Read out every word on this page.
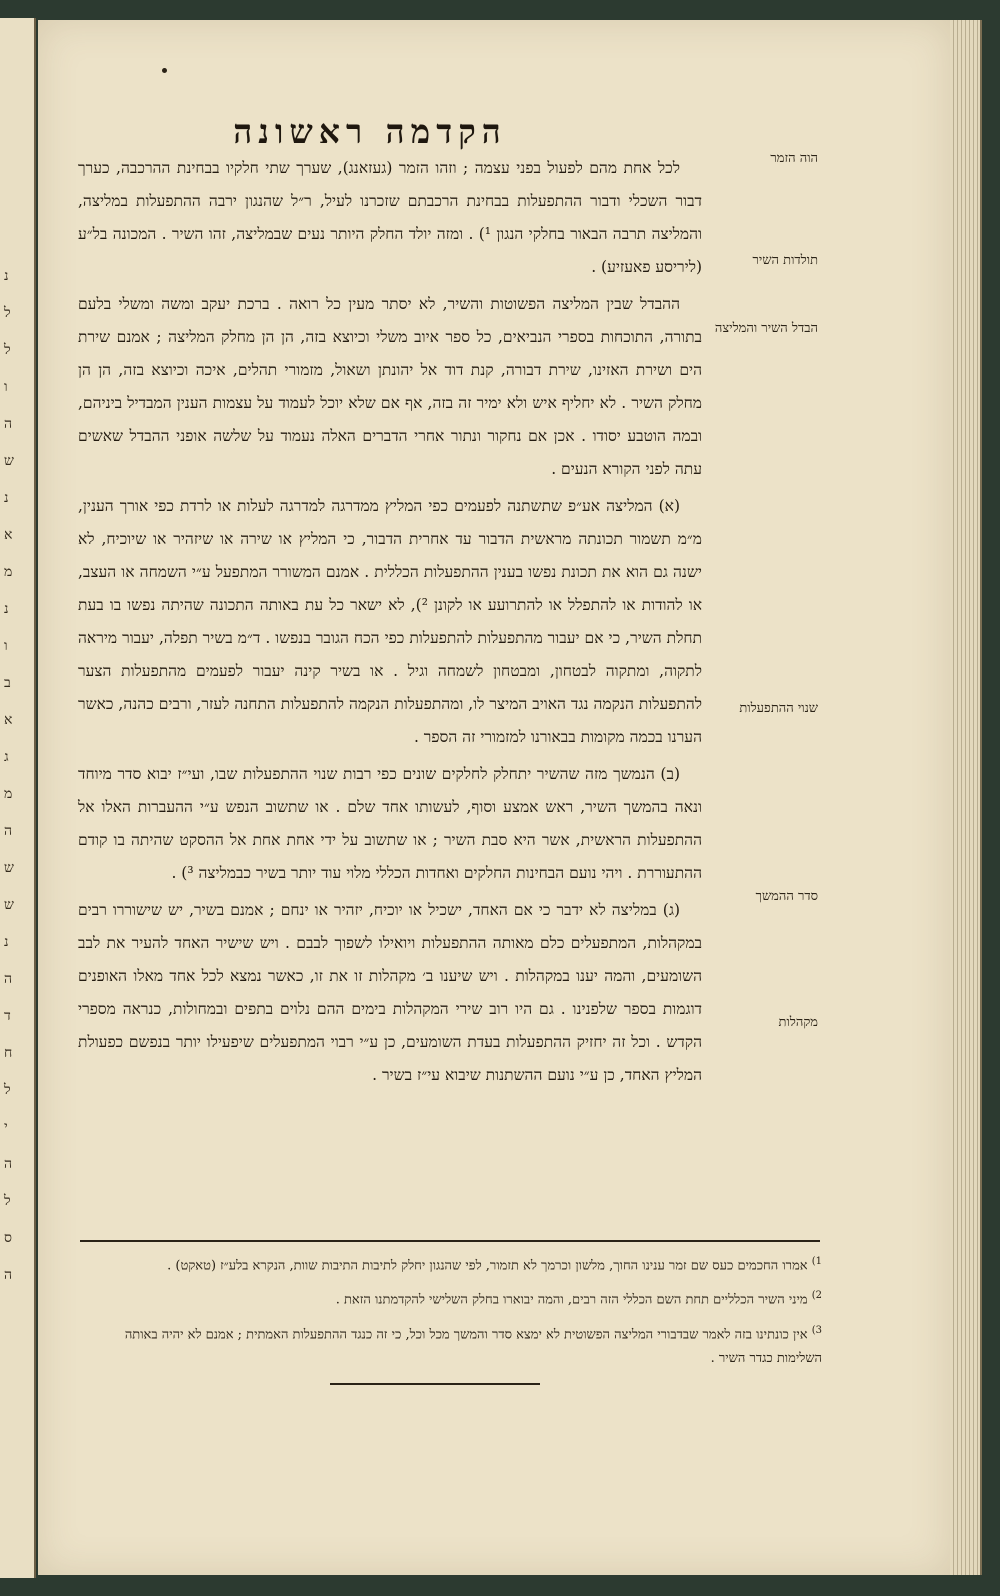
נ
ל
ל
ו
ה
ש
נ
א
מ
נ
ו
ב
א
ג
מ
ה
ש
ש
נ
ה
ד
ח
ל
י
ה
ל
ס
ה
הקדמה ראשונה
הוה הזמר
תולדות השיר
הבדל השיר והמליצה
שנוי ההתפעלות
סדר ההמשך
מקהלות

לכל אחת מהם לפעול בפני עצמה ; וזהו הזמר (געזאנג), שערך שתי חלקיו בבחינת ההרכבה, כערך דבור השכלי ודבור ההתפעלות בבחינת הרכבתם שזכרנו לעיל, ר״ל שהנגון ירבה ההתפעלות במליצה, והמליצה תרבה הבאור בחלקי הנגון ¹) . ומזה יולד החלק היותר נעים שבמליצה, זהו השיר . המכונה בל״ע (ליריסע פאעזיע) .

ההבדל שבין המליצה הפשוטות והשיר, לא יסתר מעין כל רואה . ברכת יעקב ומשה ומשלי בלעם בתורה, התוכחות בספרי הנביאים, כל ספר איוב משלי וכיוצא בזה, הן הן מחלק המליצה ; אמנם שירת הים ושירת האזינו, שירת דבורה, קנת דוד אל יהונתן ושאול, מזמורי תהלים, איכה וכיוצא בזה, הן הן מחלק השיר . לא יחליף איש ולא ימיר זה בזה, אף אם שלא יוכל לעמוד על עצמות הענין המבדיל ביניהם, ובמה הוטבע יסודו . אכן אם נחקור ונתור אחרי הדברים האלה נעמוד על שלשה אופני ההבדל שאשים עתה לפני הקורא הנעים .

(א) המליצה אע״פ שתשתנה לפעמים כפי המליץ ממדרגה למדרגה לעלות או לרדת כפי אורך הענין, מ״מ תשמור תכונתה מראשית הדבור עד אחרית הדבור, כי המליץ או שירה או שיזהיר או שיוכיח, לא ישנה גם הוא את תכונת נפשו בענין ההתפעלות הכללית . אמנם המשורר המתפעל ע״י השמחה או העצב, או להודות או להתפלל או להתרועע או לקונן ²), לא ישאר כל עת באותה התכונה שהיתה נפשו בו בעת תחלת השיר, כי אם יעבור מהתפעלות להתפעלות כפי הכח הגובר בנפשו . ד״מ בשיר תפלה, יעבור מיראה לתקוה, ומתקוה לבטחון, ומבטחון לשמחה וגיל . או בשיר קינה יעבור לפעמים מהתפעלות הצער להתפעלות הנקמה נגד האויב המיצר לו, ומהתפעלות הנקמה להתפעלות התחנה לעזר, ורבים כהנה, כאשר הערנו בכמה מקומות בבאורנו למזמורי זה הספר .

(ב) הנמשך מזה שהשיר יתחלק לחלקים שונים כפי רבות שנוי ההתפעלות שבו, ועי״ז יבוא סדר מיוחד ונאה בהמשך השיר, ראש אמצע וסוף, לעשותו אחד שלם . או שתשוב הנפש ע״י ההעברות האלו אל ההתפעלות הראשית, אשר היא סבת השיר ; או שתשוב על ידי אחת אחת אל ההסקט שהיתה בו קודם ההתעוררת . ויהי נועם הבחינות החלקים ואחדות הכללי מלוי עוד יותר בשיר כבמליצה ³) .

(ג) במליצה לא ידבר כי אם האחד, ישכיל או יוכיח, יזהיר או ינחם ; אמנם בשיר, יש שישוררו רבים במקהלות, המתפעלים כלם מאותה ההתפעלות ויואילו לשפוך לבבם . ויש שישיר האחד להעיר את לבב השומעים, והמה יענו במקהלות . ויש שיענו ב׳ מקהלות זו את זו, כאשר נמצא לכל אחד מאלו האופנים דוגמות בספר שלפנינו . גם היו רוב שירי המקהלות בימים ההם נלוים בתפים ובמחולות, כנראה מספרי הקדש . וכל זה יחזיק ההתפעלות בעדת השומעים, כן ע״י רבוי המתפעלים שיפעילו יותר בנפשם כפעולת המליץ האחד, כן ע״י נועם ההשתנות שיבוא עי״ז בשיר .

$^{1)}$ אמרו החכמים כעס שם זמר ענינו החוך, מלשון וכרמך לא תזמור, לפי שהנגון יחלק לתיבות התיבות שוות, הנקרא בלע״ז (טאקט) .

$^{2)}$ מיני השיר הכלליים תחת השם הכללי הזה רבים, והמה יבוארו בחלק השלישי להקדמתנו הזאת .

$^{3)}$ אין כונתינו בזה לאמר שבדבורי המליצה הפשוטית לא ימצא סדר והמשך מכל וכל, כי זה כנגד ההתפעלות האמתית ; אמנם לא יהיה באותה השלימות כגדר השיר .
